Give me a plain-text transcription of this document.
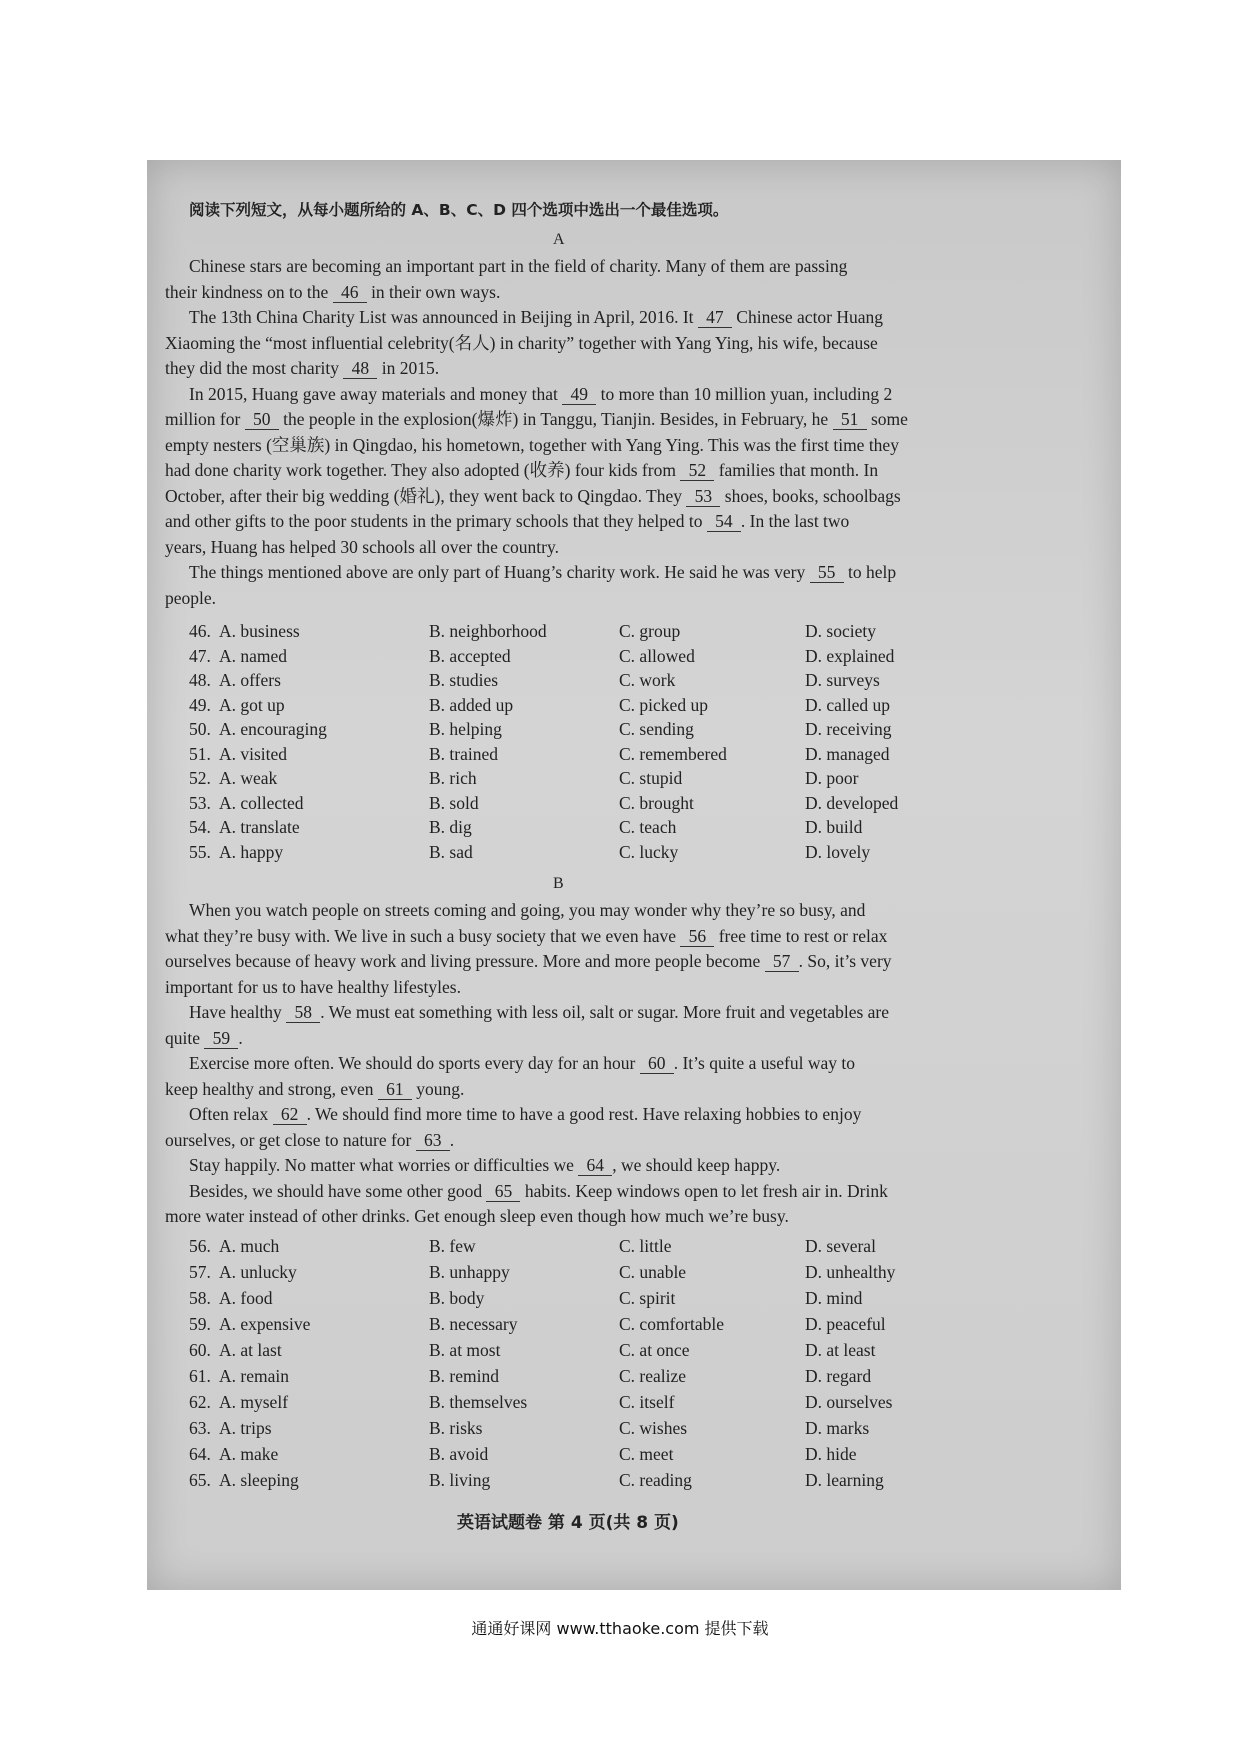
阅读下列短文，从每小题所给的 A、B、C、D 四个选项中选出一个最佳选项。
A
Chinese stars are becoming an important part in the field of charity. Many of them are passing
their kindness on to the 46 in their own ways.
The 13th China Charity List was announced in Beijing in April, 2016. It 47 Chinese actor Huang
Xiaoming the “most influential celebrity(名人) in charity” together with Yang Ying, his wife, because
they did the most charity 48 in 2015.
In 2015, Huang gave away materials and money that 49 to more than 10 million yuan, including 2
million for 50 the people in the explosion(爆炸) in Tanggu, Tianjin. Besides, in February, he 51 some
empty nesters (空巢族) in Qingdao, his hometown, together with Yang Ying. This was the first time they
had done charity work together. They also adopted (收养) four kids from 52 families that month. In
October, after their big wedding (婚礼), they went back to Qingdao. They 53 shoes, books, schoolbags
and other gifts to the poor students in the primary schools that they helped to 54 . In the last two
years, Huang has helped 30 schools all over the country.
The things mentioned above are only part of Huang’s charity work. He said he was very 55 to help
people.
46. A. business	B. neighborhood	C. group	D. society
47. A. named	B. accepted	C. allowed	D. explained
48. A. offers	B. studies	C. work	D. surveys
49. A. got up	B. added up	C. picked up	D. called up
50. A. encouraging	B. helping	C. sending	D. receiving
51. A. visited	B. trained	C. remembered	D. managed
52. A. weak	B. rich	C. stupid	D. poor
53. A. collected	B. sold	C. brought	D. developed
54. A. translate	B. dig	C. teach	D. build
55. A. happy	B. sad	C. lucky	D. lovely
B
When you watch people on streets coming and going, you may wonder why they’re so busy, and
what they’re busy with. We live in such a busy society that we even have 56 free time to rest or relax
ourselves because of heavy work and living pressure. More and more people become 57 . So, it’s very
important for us to have healthy lifestyles.
Have healthy 58 . We must eat something with less oil, salt or sugar. More fruit and vegetables are
quite 59 .
Exercise more often. We should do sports every day for an hour 60 . It’s quite a useful way to
keep healthy and strong, even 61 young.
Often relax 62 . We should find more time to have a good rest. Have relaxing hobbies to enjoy
ourselves, or get close to nature for 63 .
Stay happily. No matter what worries or difficulties we 64 , we should keep happy.
Besides, we should have some other good 65 habits. Keep windows open to let fresh air in. Drink
more water instead of other drinks. Get enough sleep even though how much we’re busy.
56. A. much	B. few	C. little	D. several
57. A. unlucky	B. unhappy	C. unable	D. unhealthy
58. A. food	B. body	C. spirit	D. mind
59. A. expensive	B. necessary	C. comfortable	D. peaceful
60. A. at last	B. at most	C. at once	D. at least
61. A. remain	B. remind	C. realize	D. regard
62. A. myself	B. themselves	C. itself	D. ourselves
63. A. trips	B. risks	C. wishes	D. marks
64. A. make	B. avoid	C. meet	D. hide
65. A. sleeping	B. living	C. reading	D. learning
英语试题卷 第 4 页(共 8 页)
通通好课网 www.tthaoke.com 提供下载
